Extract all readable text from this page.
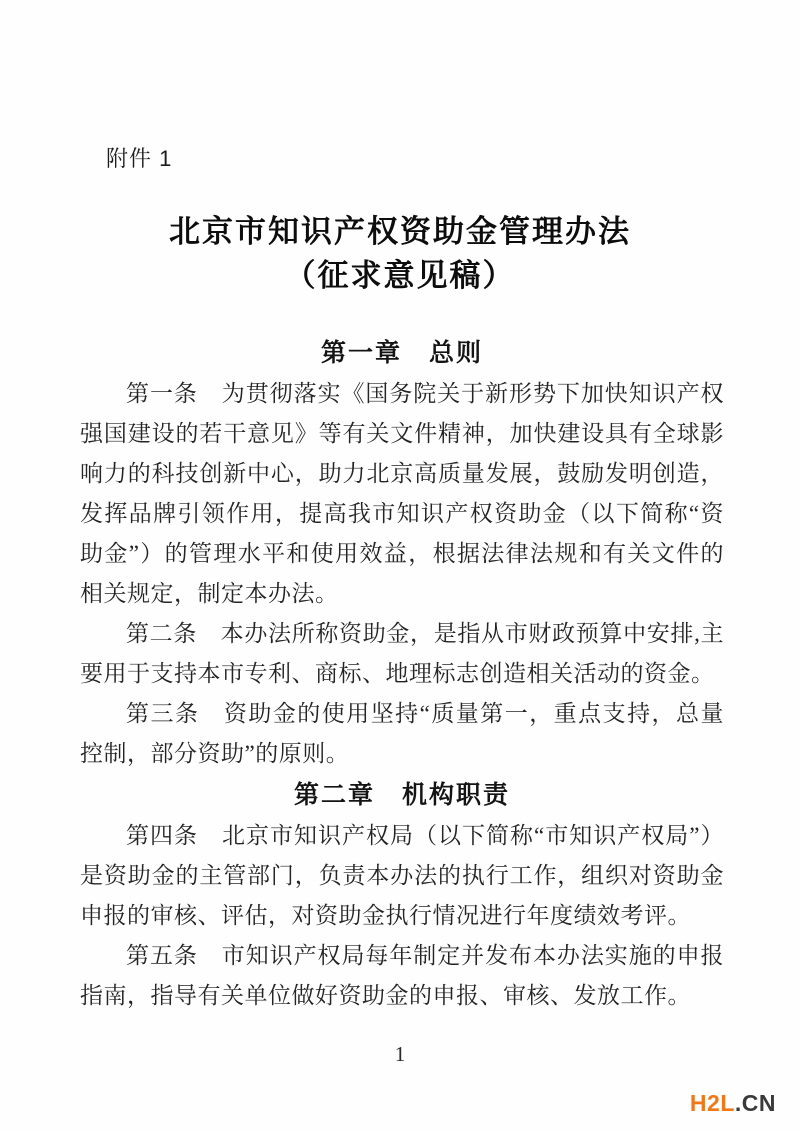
附件 1
北京市知识产权资助金管理办法
（征求意见稿）
第一章　总则

第一条　为贯彻落实《国务院关于新形势下加快知识产权强国建设的若干意见》等有关文件精神，加快建设具有全球影响力的科技创新中心，助力北京高质量发展，鼓励发明创造，发挥品牌引领作用，提高我市知识产权资助金（以下简称“资助金”）的管理水平和使用效益，根据法律法规和有关文件的相关规定，制定本办法。

第二条　本办法所称资助金，是指从市财政预算中安排,主要用于支持本市专利、商标、地理标志创造相关活动的资金。

第三条　资助金的使用坚持“质量第一，重点支持，总量控制，部分资助”的原则。

第二章　机构职责

第四条　北京市知识产权局（以下简称“市知识产权局”）是资助金的主管部门，负责本办法的执行工作，组织对资助金申报的审核、评估，对资助金执行情况进行年度绩效考评。

第五条　市知识产权局每年制定并发布本办法实施的申报指南，指导有关单位做好资助金的申报、审核、发放工作。

1
H2L.CN
